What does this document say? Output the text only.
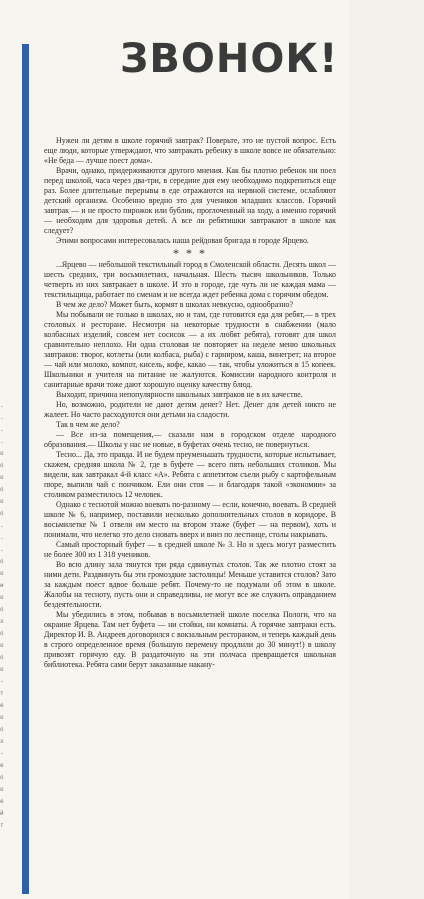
.
.
.
.
о
о
о
о
о
о
.
.
.
о
о
и
о
о
х
о
о
о
о
-
т
е
о
о
х
-
е
о
о
е
й
т
ЗВОНОК!

Нужен ли детям в школе горячий завтрак? Поверьте, это не пустой вопрос. Есть еще люди, которые утверждают, что завтракать ребенку в школе вовсе не обязательно: «Не беда — лучше поест дома».

Врачи, однако, придерживаются другого мнения. Как бы плотно ребенок ни поел перед школой, часа через два-три, в середине дня ему необходимо подкрепиться еще раз. Более длительные перерывы в еде отражаются на нервной системе, ослабляют детский организм. Особенно вредно это для учеников младших классов. Горячий завтрак — и не просто пирожок или бублик, проглоченный на ходу, а именно горячий — необходим для здоровья детей. А все ли ребятишки завтракают в школе как следует?

Этими вопросами интересовалась наша рейдовая бригада в городе Ярцево.

* * *

...Ярцево — небольшой текстильный город в Смоленской области. Десять школ — шесть средних, три восьмилетних, начальная. Шесть тысяч школьников. Только четверть из них завтракает в школе. И это в городе, где чуть ли не каждая мама — текстильщица, работает по сменам и не всегда ждет ребенка дома с горячим обедом.

В чем же дело? Может быть, кормят в школах невкусно, однообразно?

Мы побывали не только в школах, но и там, где готовится еда для ребят,— в трех столовых и ресторане. Несмотря на некоторые трудности в снабжении (мало колбасных изделий, совсем нет сосисок — а их любят ребята), готовят для школ сравнительно неплохо. Ни одна столовая не повторяет на неделе меню школьных завтраков: творог, котлеты (или колбаса, рыба) с гарниром, каша, винегрет; на второе — чай или молоко, компот, кисель, кофе, какао — так, чтобы уложиться в 15 копеек. Школьники и учителя на питание не жалуются. Комиссии народного контроля и санитарные врачи тоже дают хорошую оценку качеству блюд.

Выходит, причина непопулярности школьных завтраков не в их качестве.

Но, возможно, родители не дают детям денег? Нет. Денег для детей никто не жалеет. Но часто расходуются они детьми на сладости.

Так в чем же дело?

— Все из-за помещения,— сказали нам в городском отделе народного образования.— Школы у нас не новые, в буфетах очень тесно, не повернуться.

Тесно... Да, это правда. И не будем преуменьшать трудности, которые испытывает, скажем, средняя школа № 2, где в буфете — всего пять небольших столиков. Мы видели, как завтракал 4-й класс «А». Ребята с аппетитом съели рыбу с картофельным пюре, выпили чай с пончиком. Ели они стоя — и благодаря такой «экономии» за столиком разместилось 12 человек.

Однако с теснотой можно воевать по-разному — если, конечно, воевать. В средней школе № 6, например, поставили несколько дополнительных столов в коридоре. В восьмилетке № 1 отвели им место на втором этаже (буфет — на первом), хоть и понимали, что нелегко это дело сновать вверх и вниз по лестнице, столы накрывать.

Самый просторный буфет — в средней школе № 3. Но и здесь могут разместить не более 300 из 1 318 учеников.

Во всю длину зала тянутся три ряда сдвинутых столов. Так же плотно стоят за ними дети. Раздвинуть бы эти громоздкие застолицы! Меньше уставится столов? Зато за каждым поест вдвое больше ребят. Почему-то не подумали об этом в школе. Жалобы на тесноту, пусть они и справедливы, не могут все же служить оправданием бездеятельности.

Мы убедились в этом, побывав в восьмилетней школе поселка Пологи, что на окраине Ярцева. Там нет буфета — ни стойки, ни комнаты. А горячие завтраки есть. Директор И. В. Андреев договорился с вокзальным рестораном, и теперь каждый день в строго определенное время (большую перемену продлили до 30 минут!) в школу привозят горячую еду. В раздаточную на эти полчаса превращается школьная библиотека. Ребята сами берут заказанные накану-
